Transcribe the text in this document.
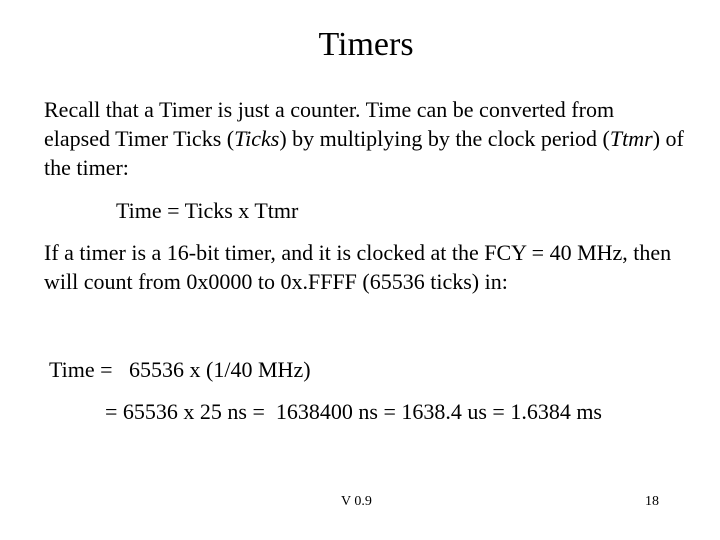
Timers

Recall that a Timer is just a counter. Time can be converted from elapsed Timer Ticks (Ticks) by multiplying by the clock period (Ttmr) of the timer:

Time = Ticks x Ttmr

If a timer is a 16-bit timer, and it is clocked at the FCY = 40 MHz, then will count from 0x0000 to 0x.FFFF (65536 ticks) in:

Time =   65536 x (1/40 MHz)
= 65536 x 25 ns =  1638400 ns = 1638.4 us = 1.6384 ms
V 0.9	18
